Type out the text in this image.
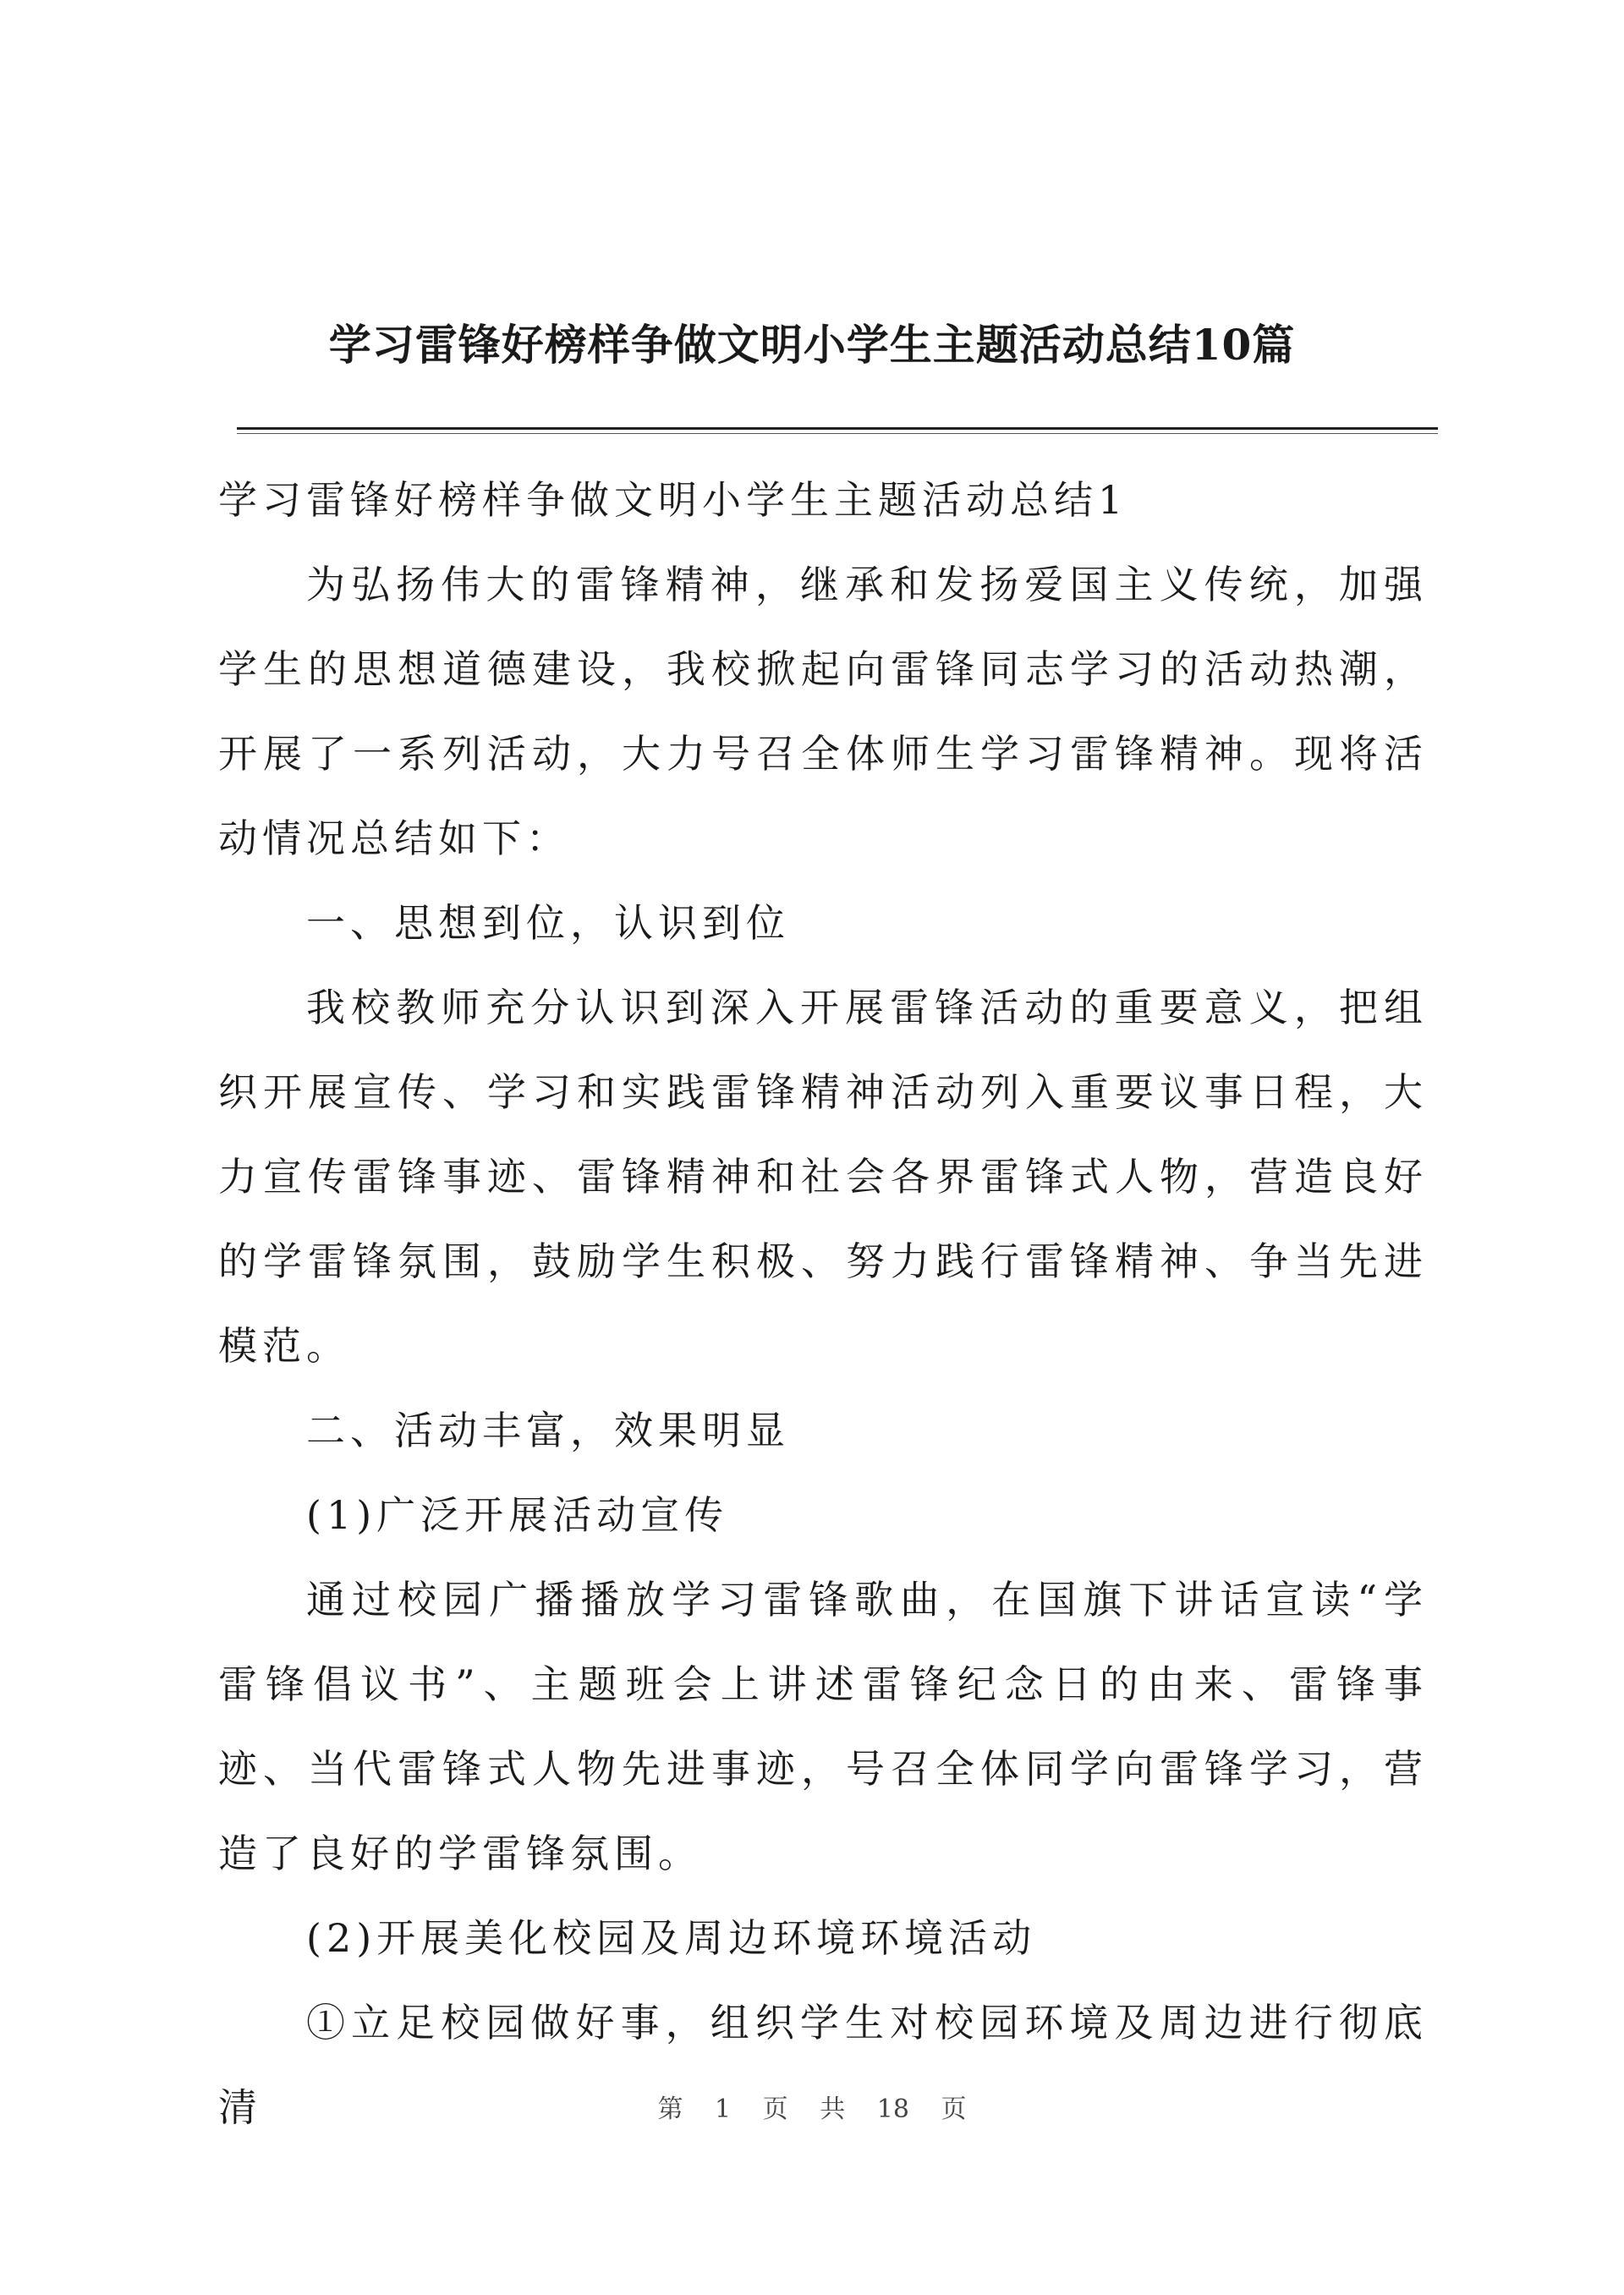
学习雷锋好榜样争做文明小学生主题活动总结10篇

学习雷锋好榜样争做文明小学生主题活动总结1

为弘扬伟大的雷锋精神，继承和发扬爱国主义传统，加强学生的思想道德建设，我校掀起向雷锋同志学习的活动热潮，开展了一系列活动，大力号召全体师生学习雷锋精神。现将活动情况总结如下：

一、思想到位，认识到位

我校教师充分认识到深入开展雷锋活动的重要意义，把组织开展宣传、学习和实践雷锋精神活动列入重要议事日程，大力宣传雷锋事迹、雷锋精神和社会各界雷锋式人物，营造良好的学雷锋氛围，鼓励学生积极、努力践行雷锋精神、争当先进模范。

二、活动丰富，效果明显

(1)广泛开展活动宣传

通过校园广播播放学习雷锋歌曲，在国旗下讲话宣读“学雷锋倡议书”、主题班会上讲述雷锋纪念日的由来、雷锋事迹、当代雷锋式人物先进事迹，号召全体同学向雷锋学习，营造了良好的学雷锋氛围。

(2)开展美化校园及周边环境环境活动

①立足校园做好事，组织学生对校园环境及周边进行彻底清	第 1 页 共 18 页
